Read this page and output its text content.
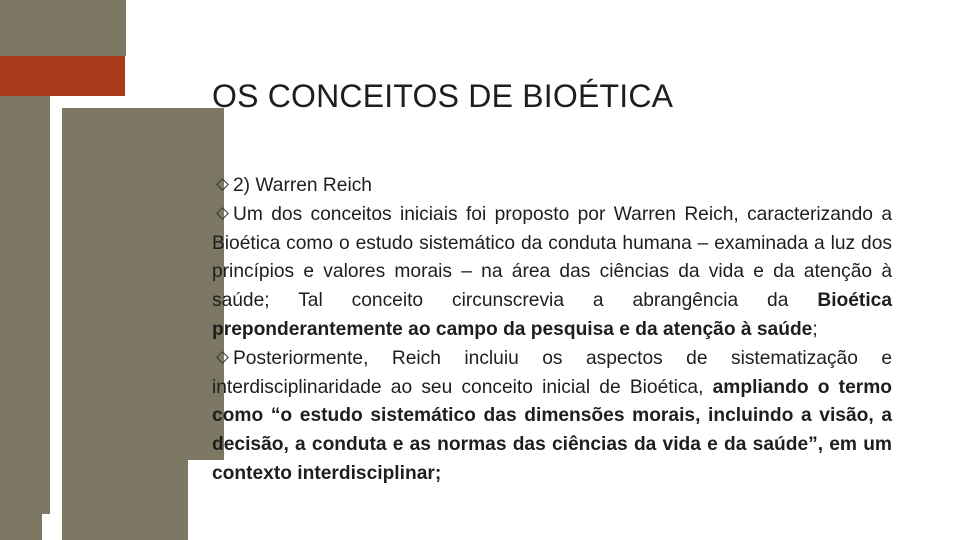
OS CONCEITOS DE BIOÉTICA

2) Warren Reich

Um dos conceitos iniciais foi proposto por Warren Reich, caracterizando a Bioética como o estudo sistemático da conduta humana – examinada a luz dos princípios e valores morais – na área das ciências da vida e da atenção à saúde; Tal conceito circunscrevia a abrangência da Bioética preponderantemente ao campo da pesquisa e da atenção à saúde;

Posteriormente, Reich incluiu os aspectos de sistematização e interdisciplinaridade ao seu conceito inicial de Bioética, ampliando o termo como “o estudo sistemático das dimensões morais, incluindo a visão, a decisão, a conduta e as normas das ciências da vida e da saúde”, em um contexto interdisciplinar;
